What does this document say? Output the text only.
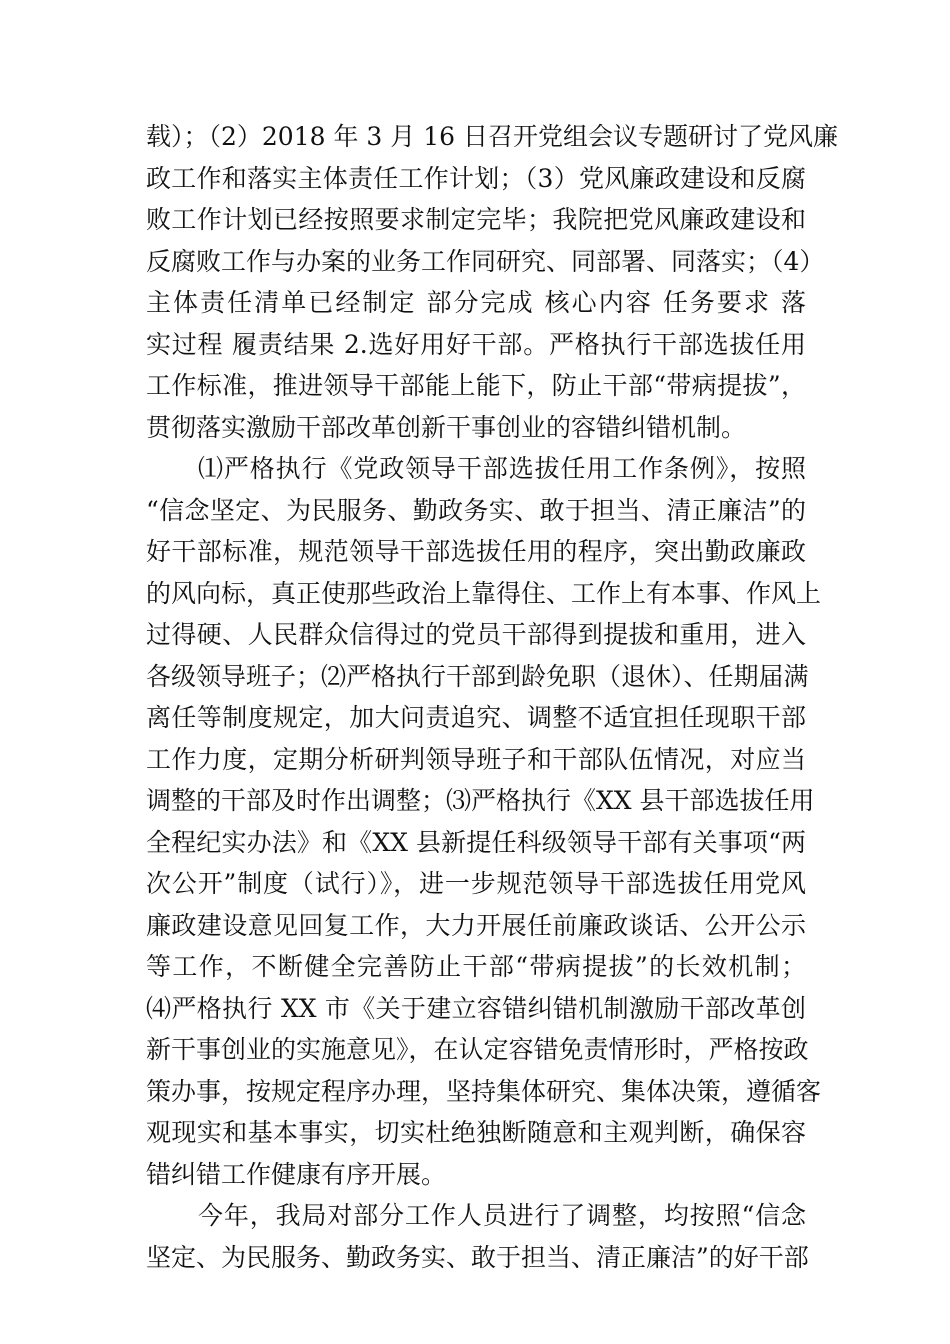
载）；（2）2018 年 3 月 16 日召开党组会议专题研讨了党风廉
政工作和落实主体责任工作计划；（3）党风廉政建设和反腐
败工作计划已经按照要求制定完毕；我院把党风廉政建设和
反腐败工作与办案的业务工作同研究、同部署、同落实；（4）
主体责任清单已经制定 部分完成 核心内容 任务要求 落
实过程 履责结果 2.选好用好干部。严格执行干部选拔任用
工作标准，推进领导干部能上能下，防止干部“带病提拔”，
贯彻落实激励干部改革创新干事创业的容错纠错机制。
⑴严格执行《党政领导干部选拔任用工作条例》，按照
“信念坚定、为民服务、勤政务实、敢于担当、清正廉洁”的
好干部标准，规范领导干部选拔任用的程序，突出勤政廉政
的风向标，真正使那些政治上靠得住、工作上有本事、作风上
过得硬、人民群众信得过的党员干部得到提拔和重用，进入
各级领导班子；⑵严格执行干部到龄免职（退休）、任期届满
离任等制度规定，加大问责追究、调整不适宜担任现职干部
工作力度，定期分析研判领导班子和干部队伍情况，对应当
调整的干部及时作出调整；⑶严格执行《XX 县干部选拔任用
全程纪实办法》和《XX 县新提任科级领导干部有关事项“两
次公开”制度（试行）》，进一步规范领导干部选拔任用党风
廉政建设意见回复工作，大力开展任前廉政谈话、公开公示
等工作，不断健全完善防止干部“带病提拔”的长效机制；
⑷严格执行 XX 市《关于建立容错纠错机制激励干部改革创
新干事创业的实施意见》，在认定容错免责情形时，严格按政
策办事，按规定程序办理，坚持集体研究、集体决策，遵循客
观现实和基本事实，切实杜绝独断随意和主观判断，确保容
错纠错工作健康有序开展。
今年，我局对部分工作人员进行了调整，均按照“信念
坚定、为民服务、勤政务实、敢于担当、清正廉洁”的好干部
